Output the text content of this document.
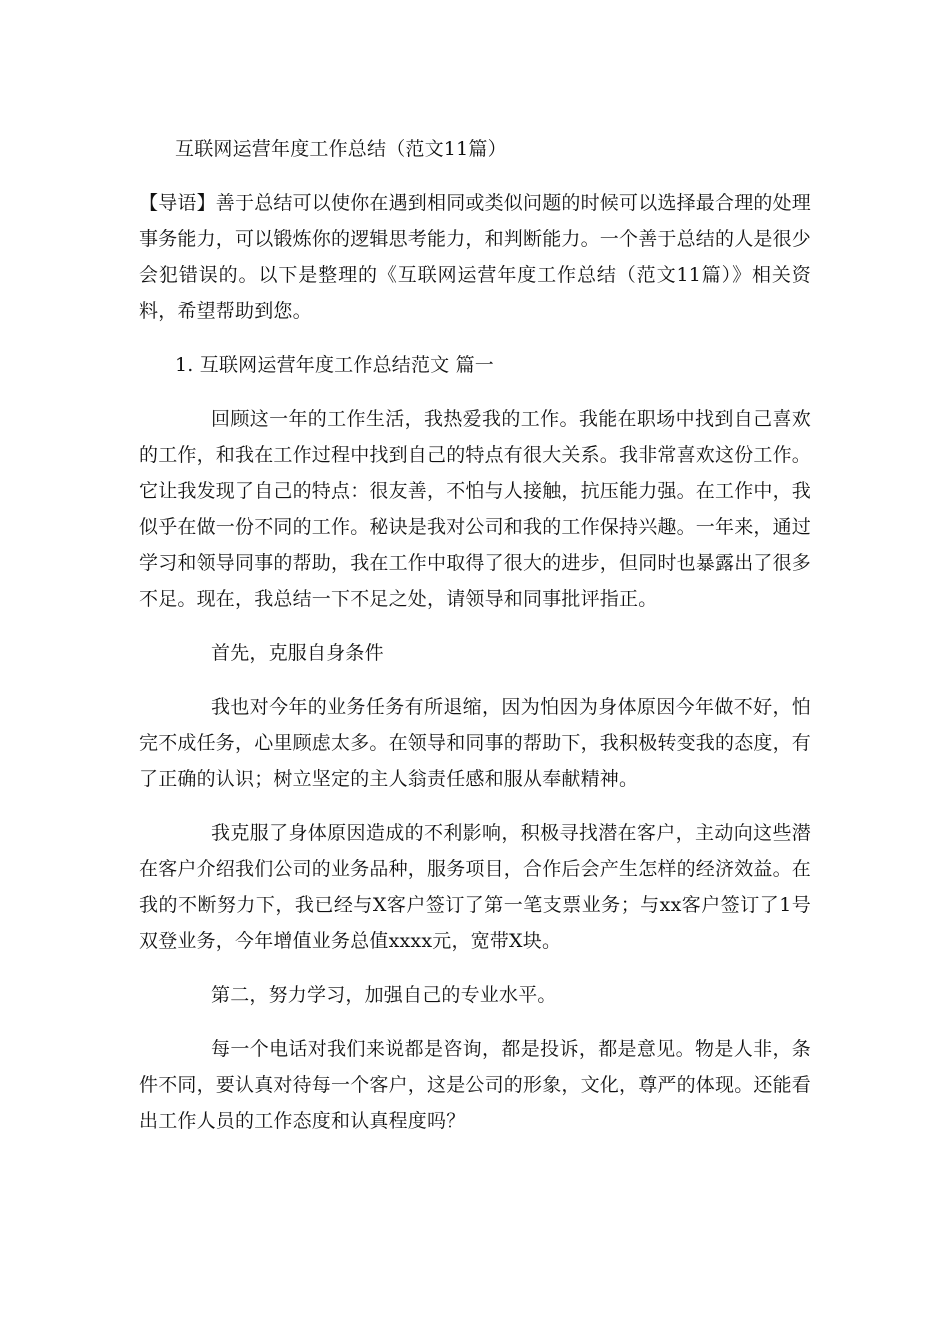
互联网运营年度工作总结（范文11篇）

【导语】善于总结可以使你在遇到相同或类似问题的时候可以选择最合理的处理事务能力，可以锻炼你的逻辑思考能力，和判断能力。一个善于总结的人是很少会犯错误的。以下是整理的《互联网运营年度工作总结（范文11篇）》相关资料，希望帮助到您。

1. 互联网运营年度工作总结范文 篇一

回顾这一年的工作生活，我热爱我的工作。我能在职场中找到自己喜欢的工作，和我在工作过程中找到自己的特点有很大关系。我非常喜欢这份工作。它让我发现了自己的特点：很友善，不怕与人接触，抗压能力强。在工作中，我似乎在做一份不同的工作。秘诀是我对公司和我的工作保持兴趣。一年来，通过学习和领导同事的帮助，我在工作中取得了很大的进步，但同时也暴露出了很多不足。现在，我总结一下不足之处，请领导和同事批评指正。

首先，克服自身条件

我也对今年的业务任务有所退缩，因为怕因为身体原因今年做不好，怕完不成任务，心里顾虑太多。在领导和同事的帮助下，我积极转变我的态度，有了正确的认识；树立坚定的主人翁责任感和服从奉献精神。

我克服了身体原因造成的不利影响，积极寻找潜在客户，主动向这些潜在客户介绍我们公司的业务品种，服务项目，合作后会产生怎样的经济效益。在我的不断努力下，我已经与X客户签订了第一笔支票业务；与xx客户签订了1号双登业务，今年增值业务总值xxxx元，宽带X块。

第二，努力学习，加强自己的专业水平。

每一个电话对我们来说都是咨询，都是投诉，都是意见。物是人非，条件不同，要认真对待每一个客户，这是公司的形象，文化，尊严的体现。还能看出工作人员的工作态度和认真程度吗？
